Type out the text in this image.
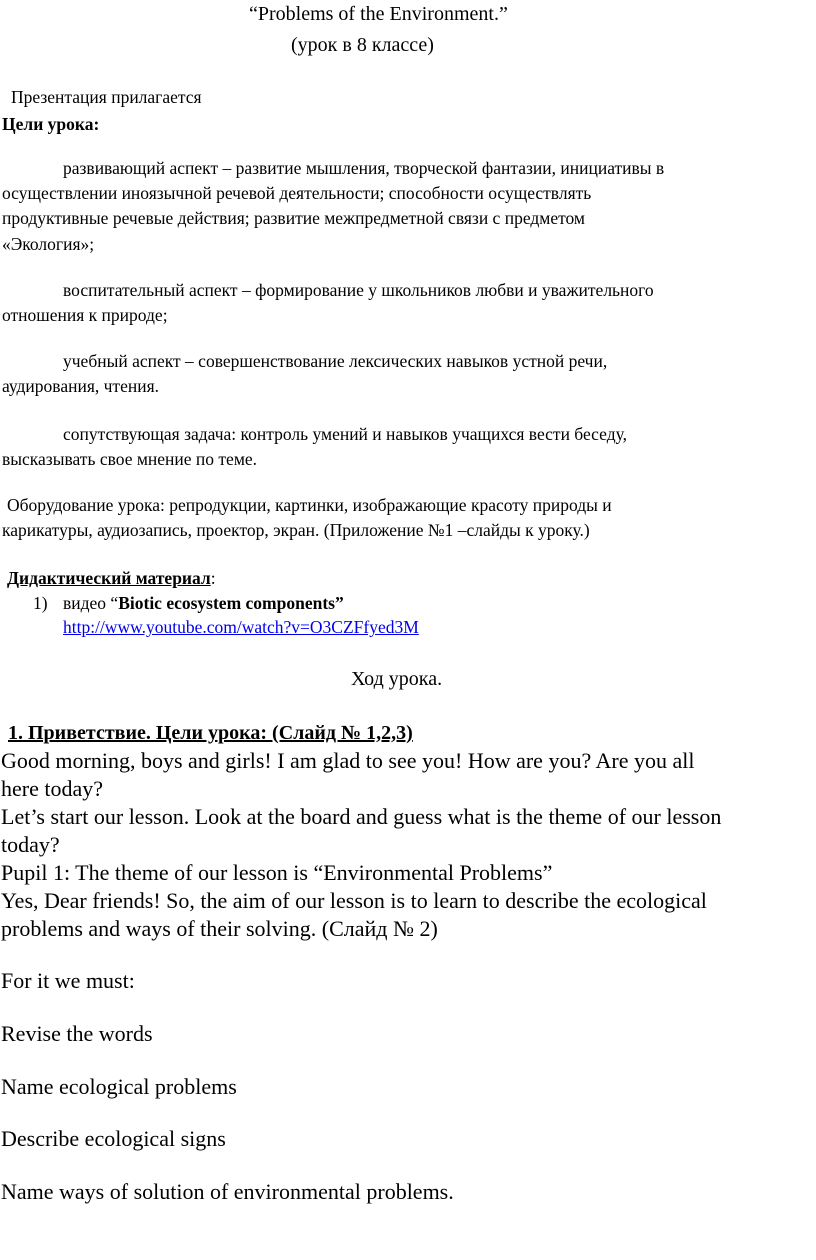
“Problems of the Environment.”
(урок в 8 классе)
Презентация прилагается
Цели урока:
развивающий аспект – развитие мышления, творческой фантазии, инициативы в
осуществлении иноязычной речевой деятельности; способности осуществлять
продуктивные речевые действия; развитие межпредметной связи с предметом
«Экология»;
воспитательный аспект – формирование у школьников любви и уважительного
отношения к природе;
учебный аспект – совершенствование лексических навыков устной речи,
аудирования, чтения.
сопутствующая задача: контроль умений и навыков учащихся вести беседу,
высказывать свое мнение по теме.
Оборудование урока: репродукции, картинки, изображающие красоту природы и
карикатуры, аудиозапись, проектор, экран. (Приложение №1 –слайды к уроку.)
Дидактический материал:
1) видео “Biotic ecosystem components”
http://www.youtube.com/watch?v=O3CZFfyed3M
Ход урока.
1. Приветствие. Цели урока: (Слайд № 1,2,3)
Good morning, boys and girls! I am glad to see you! How are you? Are you all
here today?
Let’s start our lesson. Look at the board and guess what is the theme of our lesson
today?
Pupil 1: The theme of our lesson is “Environmental Problems”
Yes, Dear friends! So, the aim of our lesson is to learn to describe the ecological
problems and ways of their solving. (Слайд № 2)
For it we must:
Revise the words
Name ecological problems
Describe ecological signs
Name ways of solution of environmental problems.
